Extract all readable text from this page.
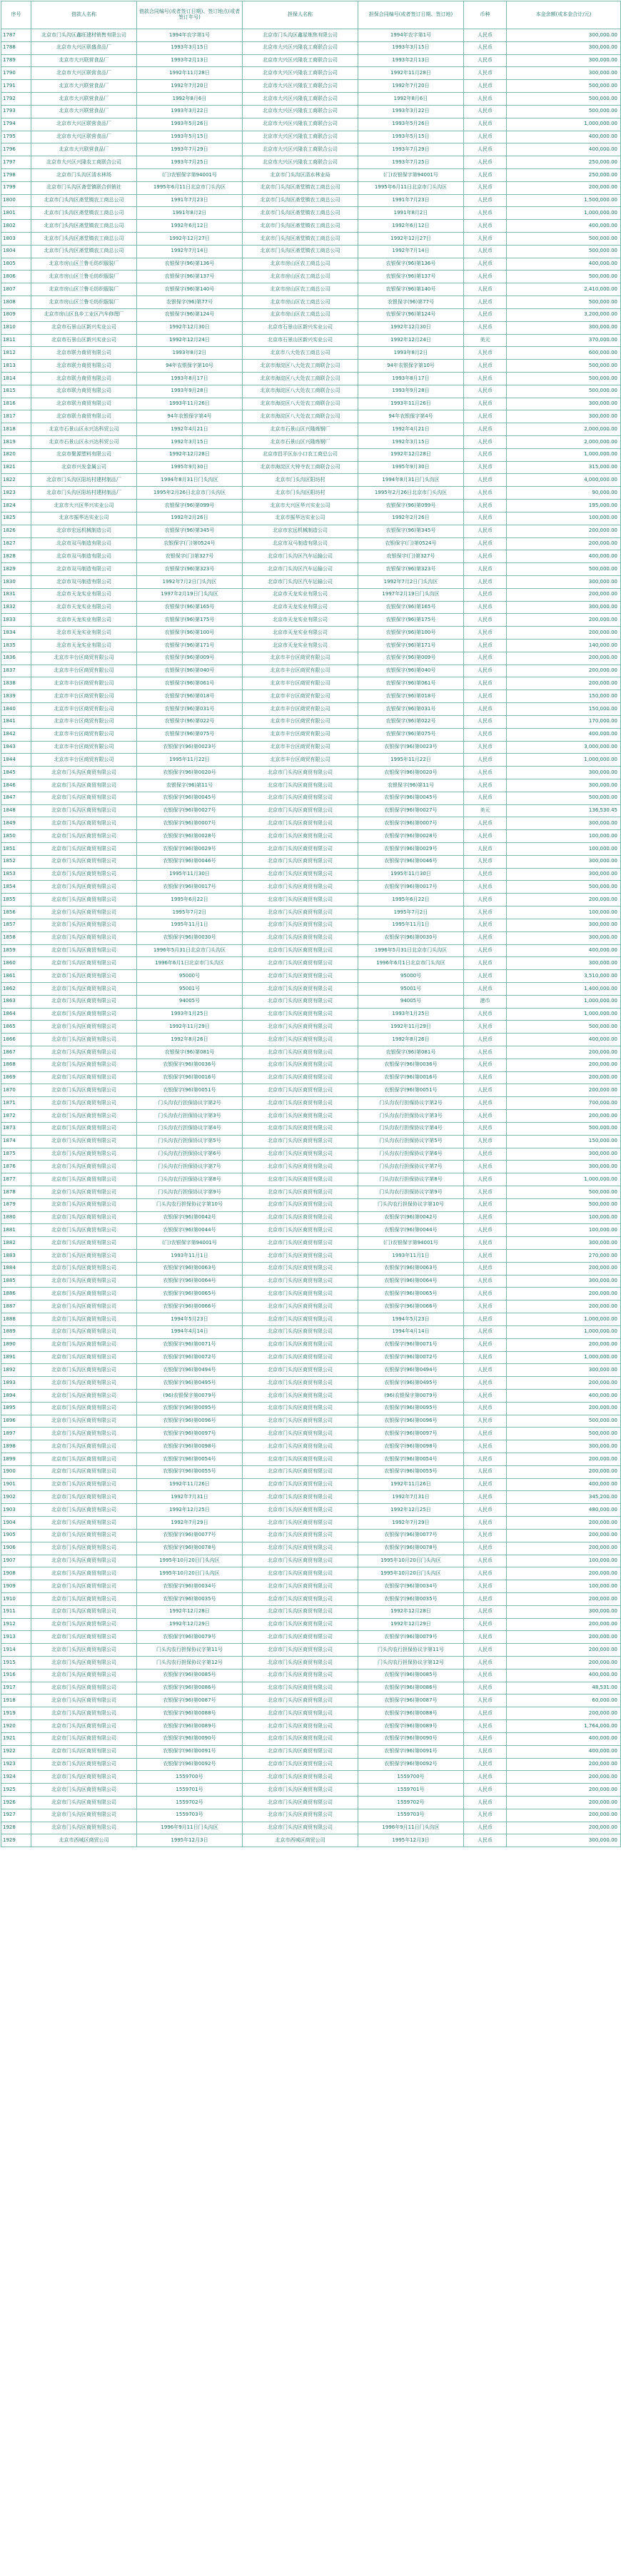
序号	借款人名称	借款合同编号(或者签订日期)、签订地点(或者签订年号)	担保人名称	担保合同编号(或者签订日期、签订地)	币种	本金余额(或本金合计/元)
1787	北京市门头沟区鑫旺建材销售有限公司	1994年农字第1号	北京市门头沟区鑫星炼焦有限公司	1994年农字第1号	人民币	300,000.00
1788	北京市大兴区联盛食品厂	1993年3月15日	北京市大兴区兴隆农工商联合公司	1993年3月15日	人民币	300,000.00
1789	北京市大兴联营食品厂	1993年2月13日	北京市大兴区兴隆农工商联合公司	1993年2月13日	人民币	300,000.00
1790	北京市大兴区联营食品厂	1992年11月28日	北京市大兴区兴隆农工商联合公司	1992年11月28日	人民币	300,000.00
1791	北京市大兴联营食品厂	1992年7月20日	北京市大兴区兴隆农工商联合公司	1992年7月20日	人民币	500,000.00
1792	北京市大兴联营食品厂	1992年8月6日	北京市大兴区兴隆农工商联合公司	1992年8月6日	人民币	500,000.00
1793	北京市大兴联营食品厂	1993年3月22日	北京市大兴区兴隆农工商联合公司	1993年3月22日	人民币	500,000.00
1794	北京市大兴区联营食品厂	1993年5月26日	北京市大兴区兴隆农工商联合公司	1993年5月26日	人民币	1,000,000.00
1795	北京市大兴区联营食品厂	1993年5月15日	北京市大兴区兴隆农工商联合公司	1993年5月15日	人民币	400,000.00
1796	北京市大兴联营食品厂	1993年7月29日	北京市大兴区兴隆农工商联合公司	1993年7月29日	人民币	400,000.00
1797	北京市大兴区兴隆农工商联合公司	1993年7月25日	北京市大兴区兴隆农工商联合公司	1993年7月25日	人民币	250,000.00
1798	北京市门头沟区清水林场	(门)农银保字第94001号	北京市门头沟区清水林业局	(门)农银保字第94001号	人民币	250,000.00
1799	北京市门头沟区斋堂镇联合供销社	1995年6月11日北京市门头沟区	北京市门头沟区斋堂镇农工商总公司	1995年6月11日北京市门头沟区	人民币	200,000.00
1800	北京市门头沟区斋堂镇农工商总公司	1991年7月23日	北京市门头沟区斋堂镇农工商总公司	1991年7月23日	人民币	1,500,000.00
1801	北京市门头沟区斋堂镇农工商总公司	1991年8月2日	北京市门头沟区斋堂镇农工商总公司	1991年8月2日	人民币	1,000,000.00
1802	北京市门头沟区斋堂镇农工商总公司	1992年6月12日	北京市门头沟区斋堂镇农工商总公司	1992年6月12日	人民币	400,000.00
1803	北京市门头沟区斋堂镇农工商总公司	1992年12月27日	北京市门头沟区斋堂镇农工商总公司	1992年12月27日	人民币	500,000.00
1804	北京市门头沟区斋堂镇农工商总公司	1992年7月14日	北京市门头沟区斋堂镇农工商总公司	1992年7月14日	人民币	500,000.00
1805	北京市房山区兰鲁毛纺织服装厂	农银保字(96)第136号	北京市房山区农工商总公司	农银保字(96)第136号	人民币	400,000.00
1806	北京市房山区兰鲁毛纺织服装厂	农银保字(96)第137号	北京市房山区农工商总公司	农银保字(96)第137号	人民币	500,000.00
1807	北京市房山区兰鲁毛纺织服装厂	农银保字(96)第140号	北京市房山区农工商总公司	农银保字(96)第140号	人民币	2,410,000.00
1808	北京市房山区兰鲁毛纺织服装厂	农银保字(96)第77号	北京市房山区农工商总公司	农银保字(96)第77号	人民币	500,000.00
1809	北京市房山区良乡工业区汽车修理厂	农银保字(96)第124号	北京市房山区农工商总公司	农银保字(96)第124号	人民币	3,200,000.00
1810	北京市石景山区新兴实业公司	1992年12月30日	北京市石景山区新兴实业公司	1992年12月30日	人民币	300,000.00
1811	北京市石景山区新兴实业公司	1992年12月24日	北京市石景山区新兴实业公司	1992年12月24日	美元	370,000.00
1812	北京市联力商贸有限公司	1993年8月2日	北京市八大处农工商总公司	1993年8月2日	人民币	600,000.00
1813	北京市联力商贸有限公司	94年农银保字第10号	北京市海淀区八大处农工商联合公司	94年农银保字第10号	人民币	500,000.00
1814	北京市联力商贸有限公司	1993年8月17日	北京市海淀区八大处农工商联合公司	1993年8月17日	人民币	500,000.00
1815	北京市联力商贸有限公司	1993年9月28日	北京市海淀区八大处农工商联合公司	1993年9月28日	人民币	500,000.00
1816	北京市联力商贸有限公司	1993年11月26日	北京市海淀区八大处农工商联合公司	1993年11月26日	人民币	300,000.00
1817	北京市联力商贸有限公司	94年农银保字第4号	北京市海淀区八大处农工商联合公司	94年农银保字第4号	人民币	300,000.00
1818	北京市石景山区永兴达科贸公司	1992年4月21日	北京市石景山区兴隆炼钢厂	1992年4月21日	人民币	2,000,000.00
1819	北京市石景山区永兴达科贸公司	1992年3月15日	北京市石景山区兴隆炼钢厂	1992年3月15日	人民币	2,000,000.00
1820	北京市聚源塑料有限公司	1992年12月28日	北京市昌平区东小口农工商总公司	1992年12月28日	人民币	1,000,000.00
1821	北京市兴发金属公司	1995年9月30日	北京市海淀区大钟寺农工商联合公司	1995年9月30日	人民币	315,000.00
1822	北京市门头沟区阳坊村建材制品厂	1994年8月31日门头沟区	北京市门头沟区阳坊村	1994年8月31日门头沟区	人民币	4,000,000.00
1823	北京市门头沟区阳坊村建材制品厂	1995年2月26日北京市门头沟区	北京市门头沟区阳坊村	1995年2月26日北京市门头沟区	人民币	90,000.00
1824	北京市大兴区华兴实业公司	农银保字(96)第099号	北京市大兴区华兴实业公司	农银保字(96)第099号	人民币	195,000.00
1825	北京市振华达实业公司	1992年2月26日	北京市振华达实业公司	1992年2月26日	人民币	100,000.00
1826	北京市宏远机械制造公司	农银保字(96)第345号	北京市宏远机械制造公司	农银保字(96)第345号	人民币	200,000.00
1827	北京市双马制造有限公司	农银保字(门)第0524号	北京市双马制造有限公司	农银保字(门)第0524号	人民币	200,000.00
1828	北京市双马制造有限公司	农银保字(门)第327号	北京市门头沟区汽车运输公司	农银保字(门)第327号	人民币	400,000.00
1829	北京市双马制造有限公司	农银保字(96)第323号	北京市门头沟区汽车运输公司	农银保字(96)第323号	人民币	500,000.00
1830	北京市双马制造有限公司	1992年7月2日门头沟区	北京市门头沟区汽车运输公司	1992年7月2日门头沟区	人民币	300,000.00
1831	北京市天龙实业有限公司	1997年2月19日门头沟区	北京市天龙实业有限公司	1997年2月19日门头沟区	人民币	200,000.00
1832	北京市天龙实业有限公司	农银保字(96)第165号	北京市天龙实业有限公司	农银保字(96)第165号	人民币	300,000.00
1833	北京市天龙实业有限公司	农银保字(96)第175号	北京市天龙实业有限公司	农银保字(96)第175号	人民币	200,000.00
1834	北京市天龙实业有限公司	农银保字(96)第100号	北京市天龙实业有限公司	农银保字(96)第100号	人民币	200,000.00
1835	北京市天龙实业有限公司	农银保字(96)第171号	北京市天龙实业有限公司	农银保字(96)第171号	人民币	140,000.00
1836	北京市丰台区商贸有限公司	农银保字(96)第009号	北京市丰台区商贸有限公司	农银保字(96)第009号	人民币	200,000.00
1837	北京市丰台区商贸有限公司	农银保字(96)第040号	北京市丰台区商贸有限公司	农银保字(96)第040号	人民币	200,000.00
1838	北京市丰台区商贸有限公司	农银保字(96)第061号	北京市丰台区商贸有限公司	农银保字(96)第061号	人民币	200,000.00
1839	北京市丰台区商贸有限公司	农银保字(96)第018号	北京市丰台区商贸有限公司	农银保字(96)第018号	人民币	150,000.00
1840	北京市丰台区商贸有限公司	农银保字(96)第031号	北京市丰台区商贸有限公司	农银保字(96)第031号	人民币	150,000.00
1841	北京市丰台区商贸有限公司	农银保字(96)第022号	北京市丰台区商贸有限公司	农银保字(96)第022号	人民币	170,000.00
1842	北京市丰台区商贸有限公司	农银保字(96)第075号	北京市丰台区商贸有限公司	农银保字(96)第075号	人民币	400,000.00
1843	北京市丰台区商贸有限公司	农银保字(96)第0023号	北京市丰台区商贸有限公司	农银保字(96)第0023号	人民币	3,000,000.00
1844	北京市丰台区商贸有限公司	1995年11月22日	北京市丰台区商贸有限公司	1995年11月22日	人民币	1,000,000.00
1845	北京市门头沟区商贸有限公司	农银保字(96)第0020号	北京市门头沟区商贸有限公司	农银保字(96)第0020号	人民币	300,000.00
1846	北京市门头沟区商贸有限公司	农银保字(96)第11号	北京市门头沟区商贸有限公司	农银保字(96)第11号	人民币	300,000.00
1847	北京市门头沟区商贸有限公司	农银保字(96)第0045号	北京市门头沟区商贸有限公司	农银保字(96)第0045号	人民币	500,000.00
1848	北京市门头沟区商贸有限公司	农银保字(96)第0027号	北京市门头沟区商贸有限公司	农银保字(96)第0027号	美元	136,530.45
1849	北京市门头沟区商贸有限公司	农银保字(96)第0007号	北京市门头沟区商贸有限公司	农银保字(96)第0007号	人民币	300,000.00
1850	北京市门头沟区商贸有限公司	农银保字(96)第0028号	北京市门头沟区商贸有限公司	农银保字(96)第0028号	人民币	100,000.00
1851	北京市门头沟区商贸有限公司	农银保字(96)第0029号	北京市门头沟区商贸有限公司	农银保字(96)第0029号	人民币	100,000.00
1852	北京市门头沟区商贸有限公司	农银保字(96)第0046号	北京市门头沟区商贸有限公司	农银保字(96)第0046号	人民币	300,000.00
1853	北京市门头沟区商贸有限公司	1995年11月30日	北京市门头沟区商贸有限公司	1995年11月30日	人民币	300,000.00
1854	北京市门头沟区商贸有限公司	农银保字(96)第0017号	北京市门头沟区商贸有限公司	农银保字(96)第0017号	人民币	500,000.00
1855	北京市门头沟区商贸有限公司	1995年6月22日	北京市门头沟区商贸有限公司	1995年6月22日	人民币	200,000.00
1856	北京市门头沟区商贸有限公司	1995年7月2日	北京市门头沟区商贸有限公司	1995年7月2日	人民币	100,000.00
1857	北京市门头沟区商贸有限公司	1995年11月1日	北京市门头沟区商贸有限公司	1995年11月1日	人民币	300,000.00
1858	北京市门头沟区商贸有限公司	农银保字(96)第0030号	北京市门头沟区商贸有限公司	农银保字(96)第0030号	人民币	300,000.00
1859	北京市门头沟区商贸有限公司	1996年5月31日北京市门头沟区	北京市门头沟区商贸有限公司	1996年5月31日北京市门头沟区	人民币	400,000.00
1860	北京市门头沟区商贸有限公司	1996年6月1日北京市门头沟区	北京市门头沟区商贸有限公司	1996年6月1日北京市门头沟区	人民币	300,000.00
1861	北京市门头沟区商贸有限公司	95000号	北京市门头沟区商贸有限公司	95000号	人民币	3,510,000.00
1862	北京市门头沟区商贸有限公司	95001号	北京市门头沟区商贸有限公司	95001号	人民币	1,400,000.00
1863	北京市门头沟区商贸有限公司	94005号	北京市门头沟区商贸有限公司	94005号	港币	1,000,000.00
1864	北京市门头沟区商贸有限公司	1993年1月25日	北京市门头沟区商贸有限公司	1993年1月25日	人民币	1,000,000.00
1865	北京市门头沟区商贸有限公司	1992年11月29日	北京市门头沟区商贸有限公司	1992年11月29日	人民币	500,000.00
1866	北京市门头沟区商贸有限公司	1992年8月26日	北京市门头沟区商贸有限公司	1992年8月26日	人民币	400,000.00
1867	北京市门头沟区商贸有限公司	农银保字(96)第081号	北京市门头沟区商贸有限公司	农银保字(96)第081号	人民币	200,000.00
1868	北京市门头沟区商贸有限公司	农银保字(96)第0036号	北京市门头沟区商贸有限公司	农银保字(96)第0036号	人民币	200,000.00
1869	北京市门头沟区商贸有限公司	农银保字(96)第0016号	北京市门头沟区商贸有限公司	农银保字(96)第0016号	人民币	200,000.00
1870	北京市门头沟区商贸有限公司	农银保字(96)第0051号	北京市门头沟区商贸有限公司	农银保字(96)第0051号	人民币	200,000.00
1871	北京市门头沟区商贸有限公司	门头沟农行担保协议字第2号	北京市门头沟区商贸有限公司	门头沟农行担保协议字第2号	人民币	700,000.00
1872	北京市门头沟区商贸有限公司	门头沟农行担保协议字第3号	北京市门头沟区商贸有限公司	门头沟农行担保协议字第3号	人民币	200,000.00
1873	北京市门头沟区商贸有限公司	门头沟农行担保协议字第4号	北京市门头沟区商贸有限公司	门头沟农行担保协议字第4号	人民币	500,000.00
1874	北京市门头沟区商贸有限公司	门头沟农行担保协议字第5号	北京市门头沟区商贸有限公司	门头沟农行担保协议字第5号	人民币	150,000.00
1875	北京市门头沟区商贸有限公司	门头沟农行担保协议字第6号	北京市门头沟区商贸有限公司	门头沟农行担保协议字第6号	人民币	300,000.00
1876	北京市门头沟区商贸有限公司	门头沟农行担保协议字第7号	北京市门头沟区商贸有限公司	门头沟农行担保协议字第7号	人民币	300,000.00
1877	北京市门头沟区商贸有限公司	门头沟农行担保协议字第8号	北京市门头沟区商贸有限公司	门头沟农行担保协议字第8号	人民币	1,000,000.00
1878	北京市门头沟区商贸有限公司	门头沟农行担保协议字第9号	北京市门头沟区商贸有限公司	门头沟农行担保协议字第9号	人民币	500,000.00
1879	北京市门头沟区商贸有限公司	门头沟农行担保协议字第10号	北京市门头沟区商贸有限公司	门头沟农行担保协议字第10号	人民币	500,000.00
1880	北京市门头沟区商贸有限公司	农银保字(96)第0042号	北京市门头沟区商贸有限公司	农银保字(96)第0042号	人民币	100,000.00
1881	北京市门头沟区商贸有限公司	农银保字(96)第0044号	北京市门头沟区商贸有限公司	农银保字(96)第0044号	人民币	100,000.00
1882	北京市门头沟区商贸有限公司	(门)农银保字第94001号	北京市门头沟区商贸有限公司	(门)农银保字第94001号	人民币	300,000.00
1883	北京市门头沟区商贸有限公司	1993年11月1日	北京市门头沟区商贸有限公司	1993年11月1日	人民币	270,000.00
1884	北京市门头沟区商贸有限公司	农银保字(96)第0063号	北京市门头沟区商贸有限公司	农银保字(96)第0063号	人民币	200,000.00
1885	北京市门头沟区商贸有限公司	农银保字(96)第0064号	北京市门头沟区商贸有限公司	农银保字(96)第0064号	人民币	300,000.00
1886	北京市门头沟区商贸有限公司	农银保字(96)第0065号	北京市门头沟区商贸有限公司	农银保字(96)第0065号	人民币	200,000.00
1887	北京市门头沟区商贸有限公司	农银保字(96)第0066号	北京市门头沟区商贸有限公司	农银保字(96)第0066号	人民币	200,000.00
1888	北京市门头沟区商贸有限公司	1994年5月23日	北京市门头沟区商贸有限公司	1994年5月23日	人民币	1,000,000.00
1889	北京市门头沟区商贸有限公司	1994年4月14日	北京市门头沟区商贸有限公司	1994年4月14日	人民币	1,000,000.00
1890	北京市门头沟区商贸有限公司	农银保字(96)第0071号	北京市门头沟区商贸有限公司	农银保字(96)第0071号	人民币	200,000.00
1891	北京市门头沟区商贸有限公司	农银保字(96)第0072号	北京市门头沟区商贸有限公司	农银保字(96)第0072号	人民币	1,000,000.00
1892	北京市门头沟区商贸有限公司	农银保字(96)第0494号	北京市门头沟区商贸有限公司	农银保字(96)第0494号	人民币	300,000.00
1893	北京市门头沟区商贸有限公司	农银保字(96)第0495号	北京市门头沟区商贸有限公司	农银保字(96)第0495号	人民币	200,000.00
1894	北京市门头沟区商贸有限公司	(96)农银保字第0079号	北京市门头沟区商贸有限公司	(96)农银保字第0079号	人民币	400,000.00
1895	北京市门头沟区商贸有限公司	农银保字(96)第0095号	北京市门头沟区商贸有限公司	农银保字(96)第0095号	人民币	200,000.00
1896	北京市门头沟区商贸有限公司	农银保字(96)第0096号	北京市门头沟区商贸有限公司	农银保字(96)第0096号	人民币	500,000.00
1897	北京市门头沟区商贸有限公司	农银保字(96)第0097号	北京市门头沟区商贸有限公司	农银保字(96)第0097号	人民币	500,000.00
1898	北京市门头沟区商贸有限公司	农银保字(96)第0098号	北京市门头沟区商贸有限公司	农银保字(96)第0098号	人民币	300,000.00
1899	北京市门头沟区商贸有限公司	农银保字(96)第0054号	北京市门头沟区商贸有限公司	农银保字(96)第0054号	人民币	200,000.00
1900	北京市门头沟区商贸有限公司	农银保字(96)第0055号	北京市门头沟区商贸有限公司	农银保字(96)第0055号	人民币	200,000.00
1901	北京市门头沟区商贸有限公司	1992年11月26日	北京市门头沟区商贸有限公司	1992年11月26日	人民币	400,000.00
1902	北京市门头沟区商贸有限公司	1992年7月31日	北京市门头沟区商贸有限公司	1992年7月31日	人民币	345,200.00
1903	北京市门头沟区商贸有限公司	1992年12月25日	北京市门头沟区商贸有限公司	1992年12月25日	人民币	480,000.00
1904	北京市门头沟区商贸有限公司	1992年7月29日	北京市门头沟区商贸有限公司	1992年7月29日	人民币	200,000.00
1905	北京市门头沟区商贸有限公司	农银保字(96)第0077号	北京市门头沟区商贸有限公司	农银保字(96)第0077号	人民币	200,000.00
1906	北京市门头沟区商贸有限公司	农银保字(96)第0078号	北京市门头沟区商贸有限公司	农银保字(96)第0078号	人民币	200,000.00
1907	北京市门头沟区商贸有限公司	1995年10月20日门头沟区	北京市门头沟区商贸有限公司	1995年10月20日门头沟区	人民币	100,000.00
1908	北京市门头沟区商贸有限公司	1995年10月20日门头沟区	北京市门头沟区商贸有限公司	1995年10月20日门头沟区	人民币	200,000.00
1909	北京市门头沟区商贸有限公司	农银保字(96)第0034号	北京市门头沟区商贸有限公司	农银保字(96)第0034号	人民币	100,000.00
1910	北京市门头沟区商贸有限公司	农银保字(96)第0035号	北京市门头沟区商贸有限公司	农银保字(96)第0035号	人民币	200,000.00
1911	北京市门头沟区商贸有限公司	1992年12月28日	北京市门头沟区商贸有限公司	1992年12月28日	人民币	300,000.00
1912	北京市门头沟区商贸有限公司	1992年12月29日	北京市门头沟区商贸有限公司	1992年12月29日	人民币	200,000.00
1913	北京市门头沟区商贸有限公司	农银保字(96)第0079号	北京市门头沟区商贸有限公司	农银保字(96)第0079号	人民币	200,000.00
1914	北京市门头沟区商贸有限公司	门头沟农行担保协议字第11号	北京市门头沟区商贸有限公司	门头沟农行担保协议字第11号	人民币	200,000.00
1915	北京市门头沟区商贸有限公司	门头沟农行担保协议字第12号	北京市门头沟区商贸有限公司	门头沟农行担保协议字第12号	人民币	200,000.00
1916	北京市门头沟区商贸有限公司	农银保字(96)第0085号	北京市门头沟区商贸有限公司	农银保字(96)第0085号	人民币	400,000.00
1917	北京市门头沟区商贸有限公司	农银保字(96)第0086号	北京市门头沟区商贸有限公司	农银保字(96)第0086号	人民币	48,531.00
1918	北京市门头沟区商贸有限公司	农银保字(96)第0087号	北京市门头沟区商贸有限公司	农银保字(96)第0087号	人民币	60,000.00
1919	北京市门头沟区商贸有限公司	农银保字(96)第0088号	北京市门头沟区商贸有限公司	农银保字(96)第0088号	人民币	200,000.00
1920	北京市门头沟区商贸有限公司	农银保字(96)第0089号	北京市门头沟区商贸有限公司	农银保字(96)第0089号	人民币	1,764,000.00
1921	北京市门头沟区商贸有限公司	农银保字(96)第0090号	北京市门头沟区商贸有限公司	农银保字(96)第0090号	人民币	400,000.00
1922	北京市门头沟区商贸有限公司	农银保字(96)第0091号	北京市门头沟区商贸有限公司	农银保字(96)第0091号	人民币	400,000.00
1923	北京市门头沟区商贸有限公司	农银保字(96)第0092号	北京市门头沟区商贸有限公司	农银保字(96)第0092号	人民币	200,000.00
1924	北京市门头沟区商贸有限公司	1559700号	北京市门头沟区商贸有限公司	1559700号	人民币	200,000.00
1925	北京市门头沟区商贸有限公司	1559701号	北京市门头沟区商贸有限公司	1559701号	人民币	200,000.00
1926	北京市门头沟区商贸有限公司	1559702号	北京市门头沟区商贸有限公司	1559702号	人民币	200,000.00
1927	北京市门头沟区商贸有限公司	1559703号	北京市门头沟区商贸有限公司	1559703号	人民币	200,000.00
1928	北京市门头沟区商贸有限公司	1996年9月11日门头沟区	北京市门头沟区商贸有限公司	1996年9月11日门头沟区	人民币	200,000.00
1929	北京市西城区商贸公司	1995年12月3日	北京市西城区商贸公司	1995年12月3日	人民币	300,000.00
